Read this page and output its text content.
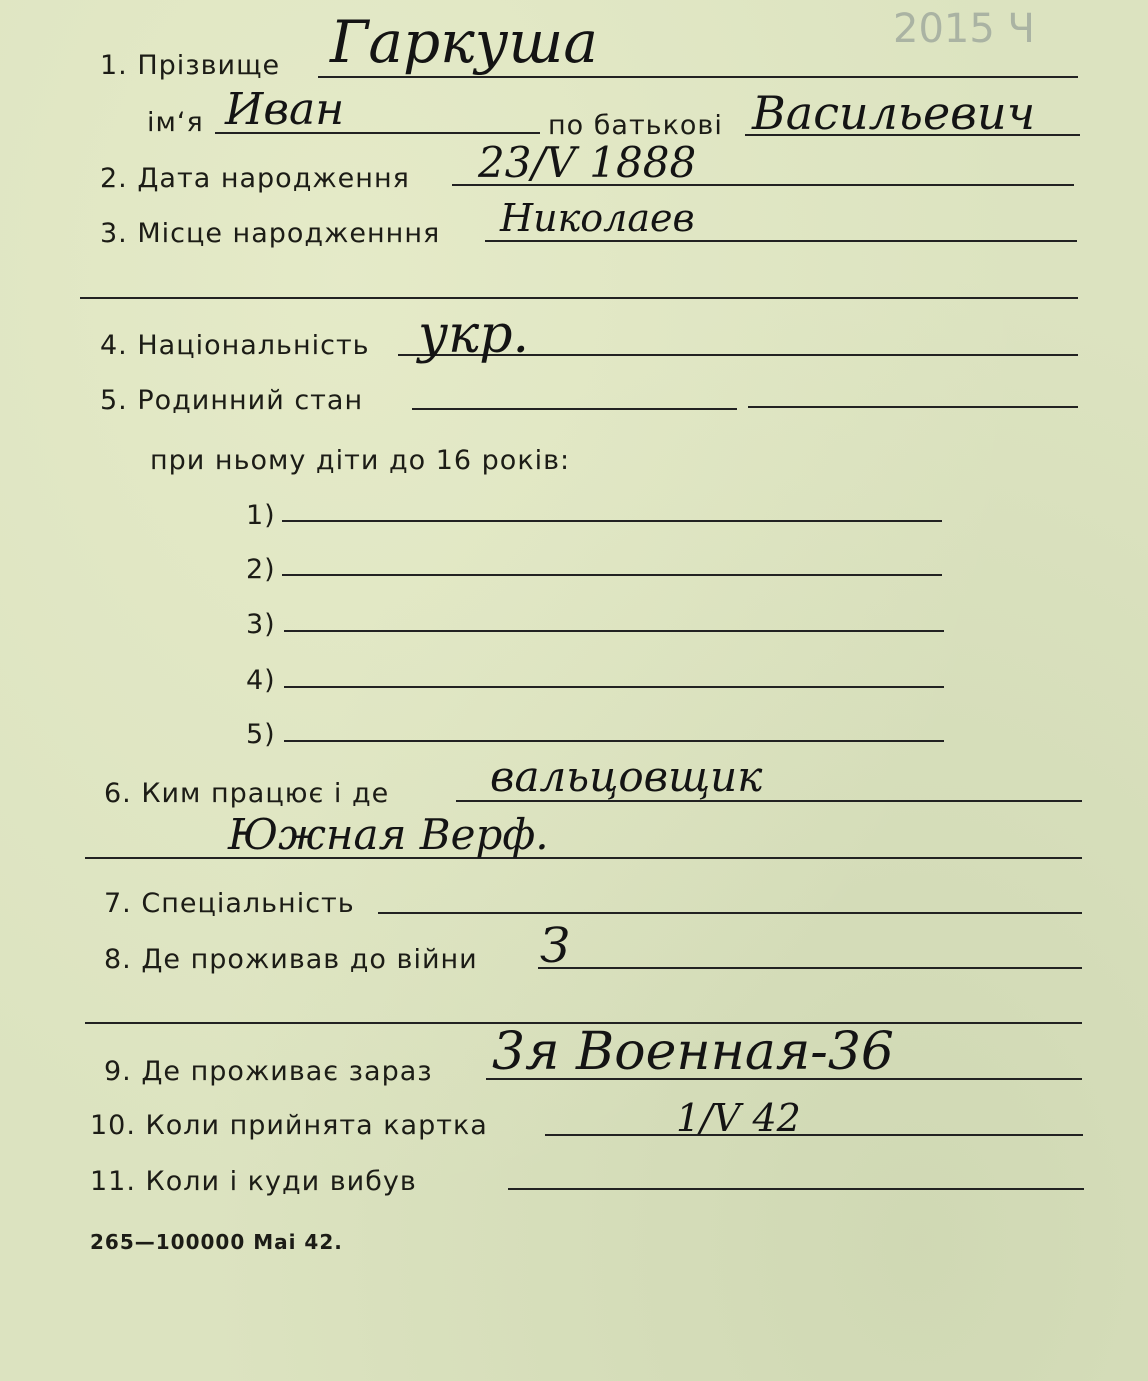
2015 Ч
1. Прізвище Гаркуша
ім‘я Иван	по батькові Васильевич
2. Дата народження 23/V 1888
3. Місце народженння Николаев
4. Національність укр.
5. Родинний стан
при ньому діти до 16 років:
1)
2)
3)
4)
5)
6. Ким працює і де вальцовщик
Южная Верф.
7. Спеціальність
8. Де проживав до війни З
9. Де проживає зараз 3я Военная-36
10. Коли прийнята картка	1/V 42
11. Коли і куди вибув
265—100000 Mai 42.
